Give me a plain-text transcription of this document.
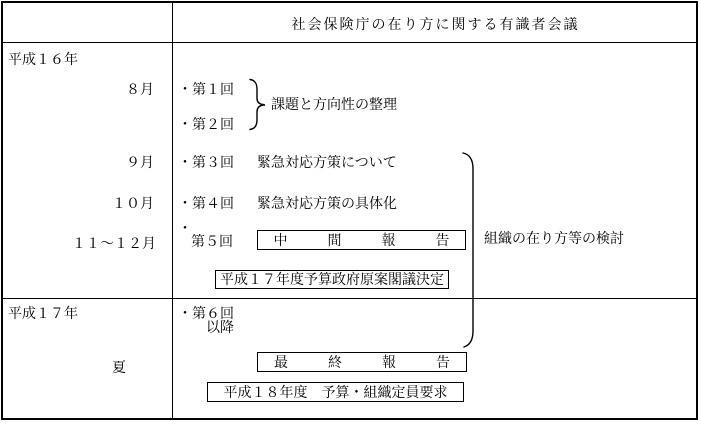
社会保険庁の在り方に関する有識者会議
平成１６年
８月
９月
１０月
１１～１２月
平成１７年
夏
・第１回
・第２回
課題と方向性の整理
・第３回 緊急対応方策について
・第４回 緊急対応方策の具体化
・
第５回	中　間　報　告
平成１７年度予算政府原案閣議決定
組織の在り方等の検討
・第６回
以降
最　終　報　告
平成１８年度　予算・組織定員要求
